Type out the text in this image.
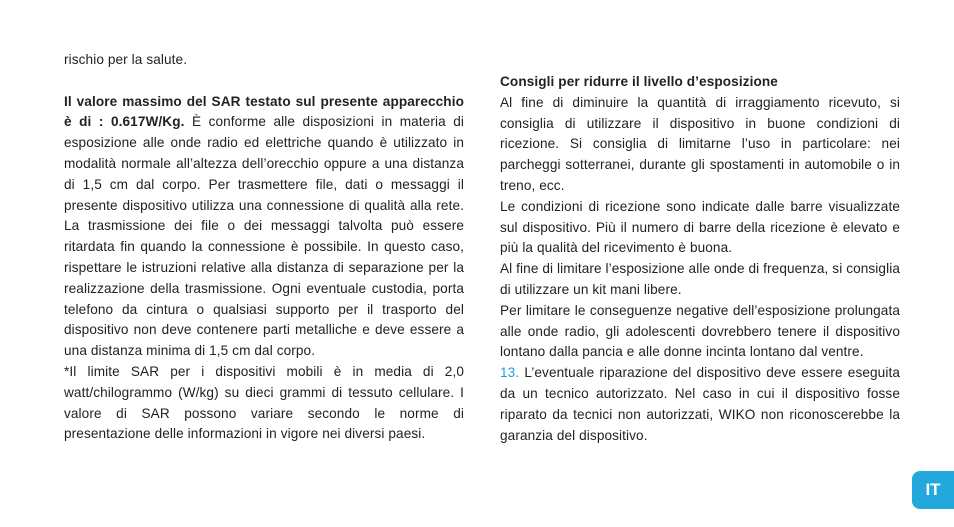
rischio per la salute.

Il valore massimo del SAR testato sul presente apparecchio è di : 0.617W/Kg. È conforme alle disposizioni in materia di esposizione alle onde radio ed elettriche quando è utilizzato in modalità normale all’altezza dell’orecchio oppure a una distanza di 1,5 cm dal corpo. Per trasmettere file, dati o messaggi il presente dispositivo utilizza una connessione di qualità alla rete. La trasmissione dei file o dei messaggi talvolta può essere ritardata fin quando la connessione è possibile. In questo caso, rispettare le istruzioni relative alla distanza di separazione per la realizzazione della trasmissione. Ogni eventuale custodia, porta telefono da cintura o qualsiasi supporto per il trasporto del dispositivo non deve contenere parti metalliche e deve essere a una distanza minima di 1,5 cm dal corpo.

*Il limite SAR per i dispositivi mobili è in media di 2,0 watt/chilogrammo (W/kg) su dieci grammi di tessuto cellulare. I valore di SAR possono variare secondo le norme di presentazione delle informazioni in vigore nei diversi paesi.

Consigli per ridurre il livello d’esposizione

Al fine di diminuire la quantità di irraggiamento ricevuto, si consiglia di utilizzare il dispositivo in buone condizioni di ricezione. Si consiglia di limitarne l’uso in particolare: nei parcheggi sotterranei, durante gli spostamenti in automobile o in treno, ecc.

Le condizioni di ricezione sono indicate dalle barre visualizzate sul dispositivo. Più il numero di barre della ricezione è elevato e più la qualità del ricevimento è buona.

Al fine di limitare l’esposizione alle onde di frequenza, si consiglia di utilizzare un kit mani libere.

Per limitare le conseguenze negative dell’esposizione prolungata alle onde radio, gli adolescenti dovrebbero tenere il dispositivo lontano dalla pancia e alle donne incinta lontano dal ventre.

13. L’eventuale riparazione del dispositivo deve essere eseguita da un tecnico autorizzato. Nel caso in cui il dispositivo fosse riparato da tecnici non autorizzati, WIKO non riconoscerebbe la garanzia del dispositivo.

IT
